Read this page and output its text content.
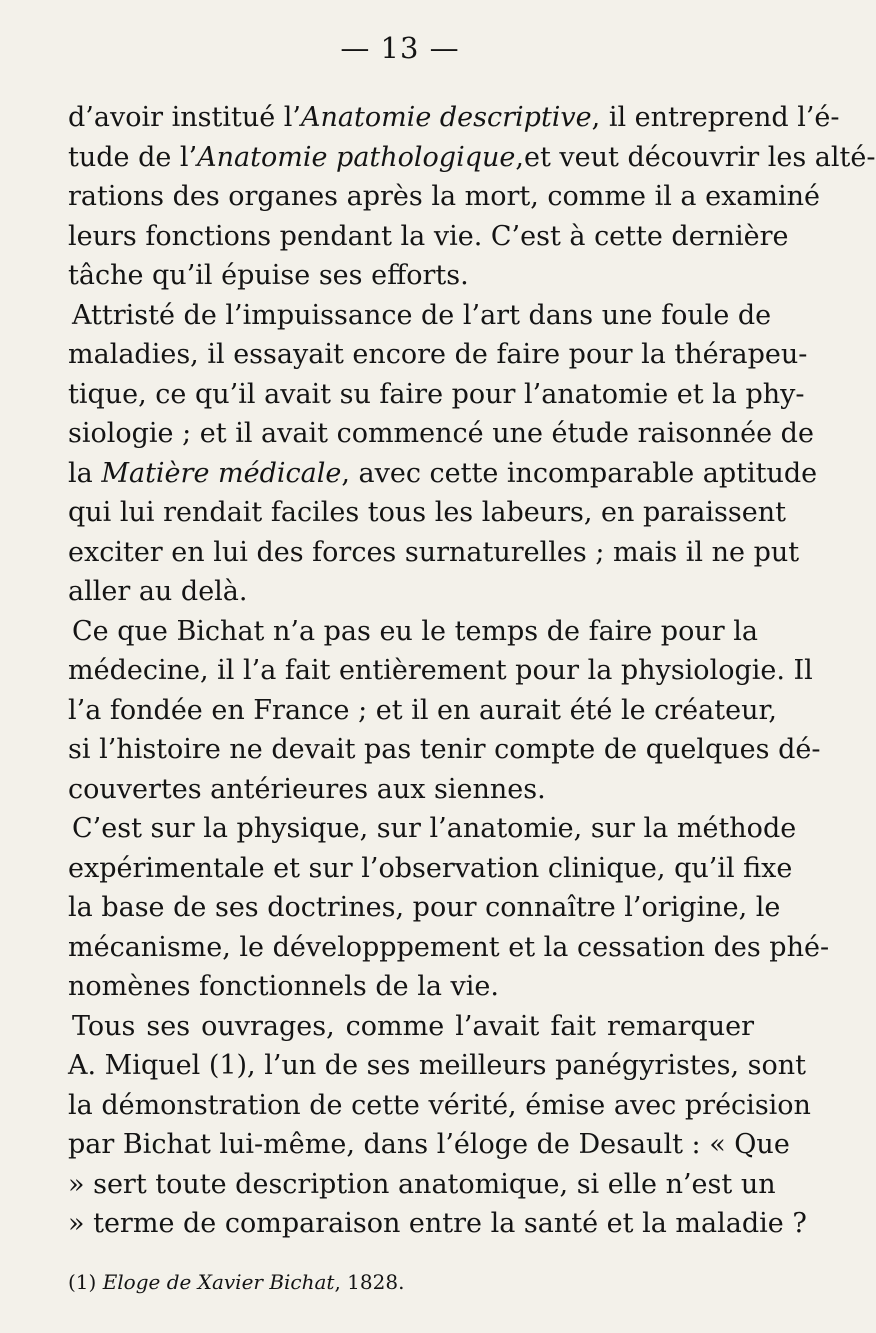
— 13 —
d’avoir institué l’Anatomie descriptive, il entreprend l’é-
tude de l’Anatomie pathologique,et veut découvrir les alté-
rations des organes après la mort, comme il a examiné
leurs fonctions pendant la vie. C’est à cette dernière
tâche qu’il épuise ses efforts.
Attristé de l’impuissance de l’art dans une foule de
maladies, il essayait encore de faire pour la thérapeu-
tique, ce qu’il avait su faire pour l’anatomie et la phy-
siologie ; et il avait commencé une étude raisonnée de
la Matière médicale, avec cette incomparable aptitude
qui lui rendait faciles tous les labeurs, en paraissent
exciter en lui des forces surnaturelles ; mais il ne put
aller au delà.
Ce que Bichat n’a pas eu le temps de faire pour la
médecine, il l’a fait entièrement pour la physiologie. Il
l’a fondée en France ; et il en aurait été le créateur,
si l’histoire ne devait pas tenir compte de quelques dé-
couvertes antérieures aux siennes.
C’est sur la physique, sur l’anatomie, sur la méthode
expérimentale et sur l’observation clinique, qu’il fixe
la base de ses doctrines, pour connaître l’origine, le
mécanisme, le développpement et la cessation des phé-
nomènes fonctionnels de la vie.
Tous ses ouvrages, comme l’avait fait remarquer
A. Miquel (1), l’un de ses meilleurs panégyristes, sont
la démonstration de cette vérité, émise avec précision
par Bichat lui-même, dans l’éloge de Desault : « Que
» sert toute description anatomique, si elle n’est un
» terme de comparaison entre la santé et la maladie ?
(1) Eloge de Xavier Bichat, 1828.
